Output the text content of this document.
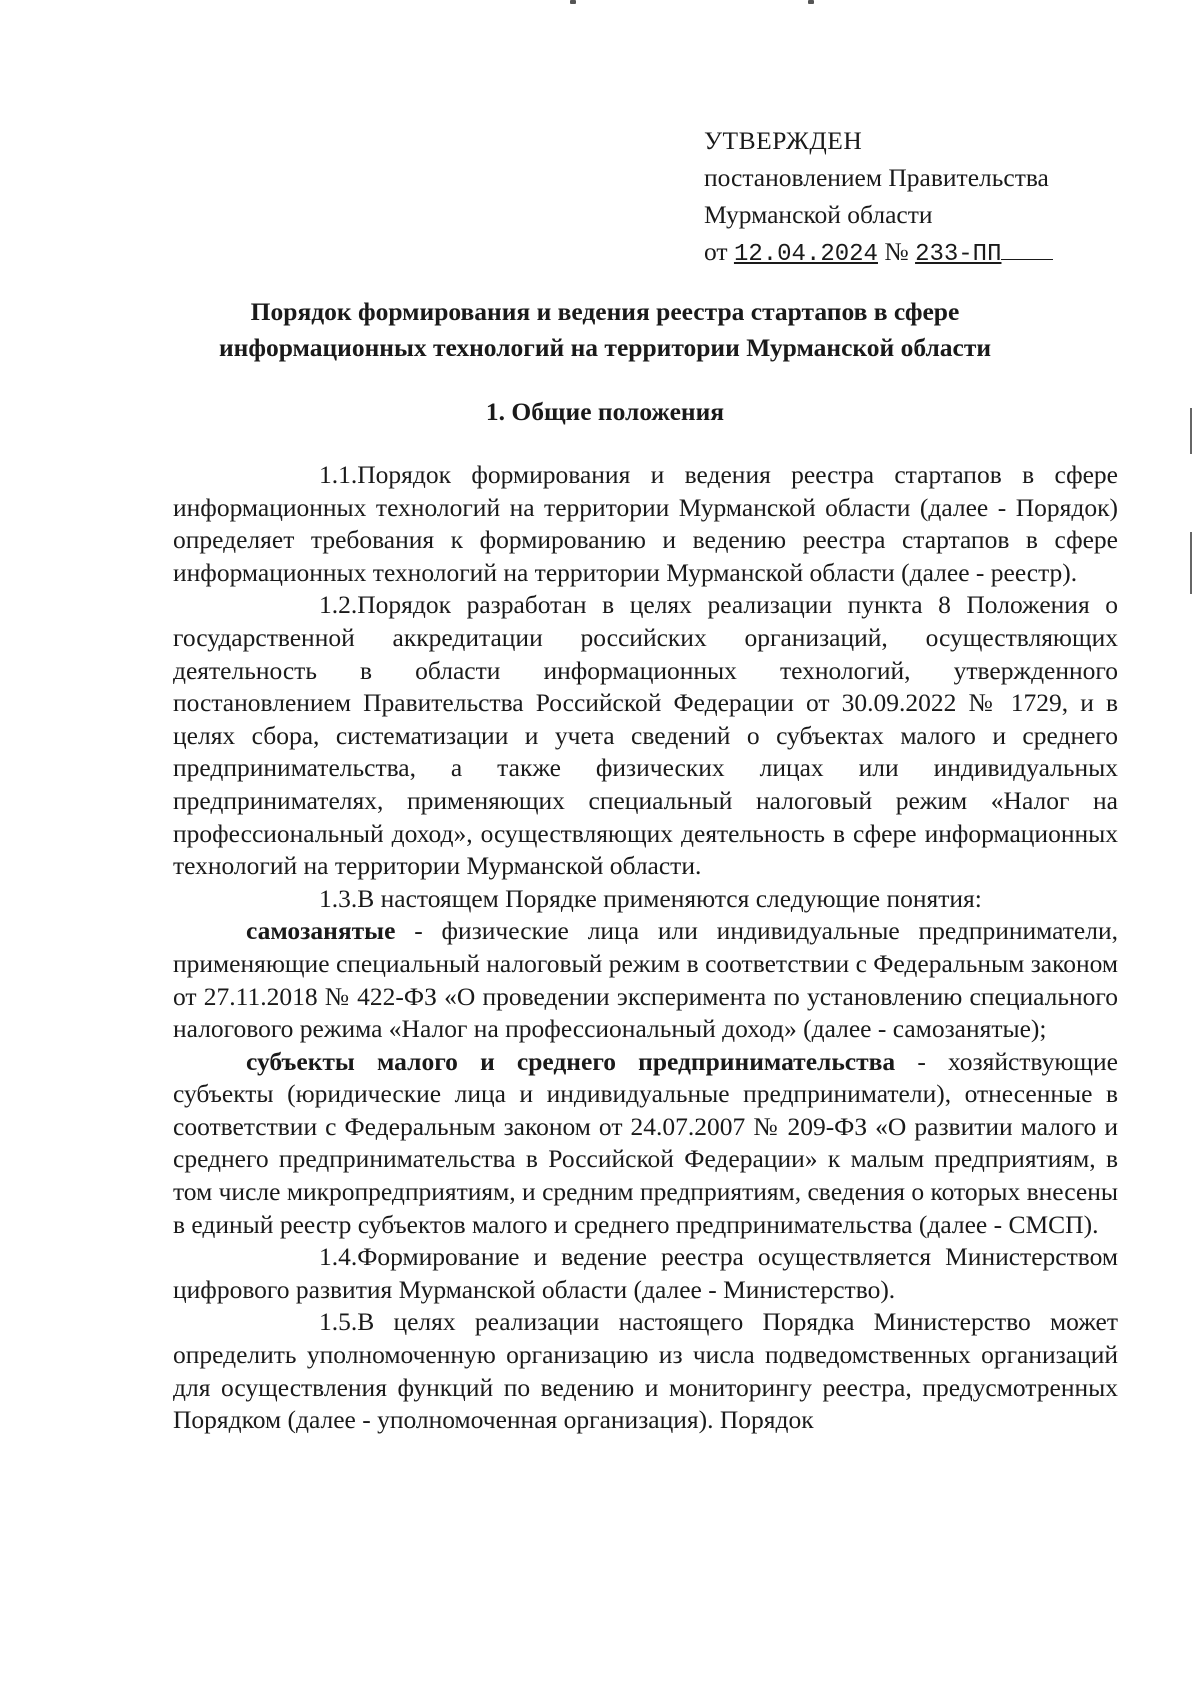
УТВЕРЖДЕН
постановлением Правительства
Мурманской области
от 12.04.2024 № 233-ПП
Порядок формирования и ведения реестра стартапов в сфере
информационных технологий на территории Мурманской области
1. Общие положения

1.1.Порядок формирования и ведения реестра стартапов в сфере информационных технологий на территории Мурманской области (далее - Порядок) определяет требования к формированию и ведению реестра стартапов в сфере информационных технологий на территории Мурманской области (далее - реестр).

1.2.Порядок разработан в целях реализации пункта 8 Положения о государственной аккредитации российских организаций, осуществляющих деятельность в области информационных технологий, утвержденного постановлением Правительства Российской Федерации от 30.09.2022 № 1729, и в целях сбора, систематизации и учета сведений о субъектах малого и среднего предпринимательства, а также физических лицах или индивидуальных предпринимателях, применяющих специальный налоговый режим «Налог на профессиональный доход», осуществляющих деятельность в сфере информационных технологий на территории Мурманской области.

1.3.В настоящем Порядке применяются следующие понятия:

самозанятые - физические лица или индивидуальные предприниматели, применяющие специальный налоговый режим в соответствии с Федеральным законом от 27.11.2018 № 422-ФЗ «О проведении эксперимента по установлению специального налогового режима «Налог на профессиональный доход» (далее - самозанятые);

субъекты малого и среднего предпринимательства - хозяйствующие субъекты (юридические лица и индивидуальные предприниматели), отнесенные в соответствии с Федеральным законом от 24.07.2007 № 209-ФЗ «О развитии малого и среднего предпринимательства в Российской Федерации» к малым предприятиям, в том числе микропредприятиям, и средним предприятиям, сведения о которых внесены в единый реестр субъектов малого и среднего предпринимательства (далее - СМСП).

1.4.Формирование и ведение реестра осуществляется Министерством цифрового развития Мурманской области (далее - Министерство).

1.5.В целях реализации настоящего Порядка Министерство может определить уполномоченную организацию из числа подведомственных организаций для осуществления функций по ведению и мониторингу реестра, предусмотренных Порядком (далее - уполномоченная организация). Порядок
